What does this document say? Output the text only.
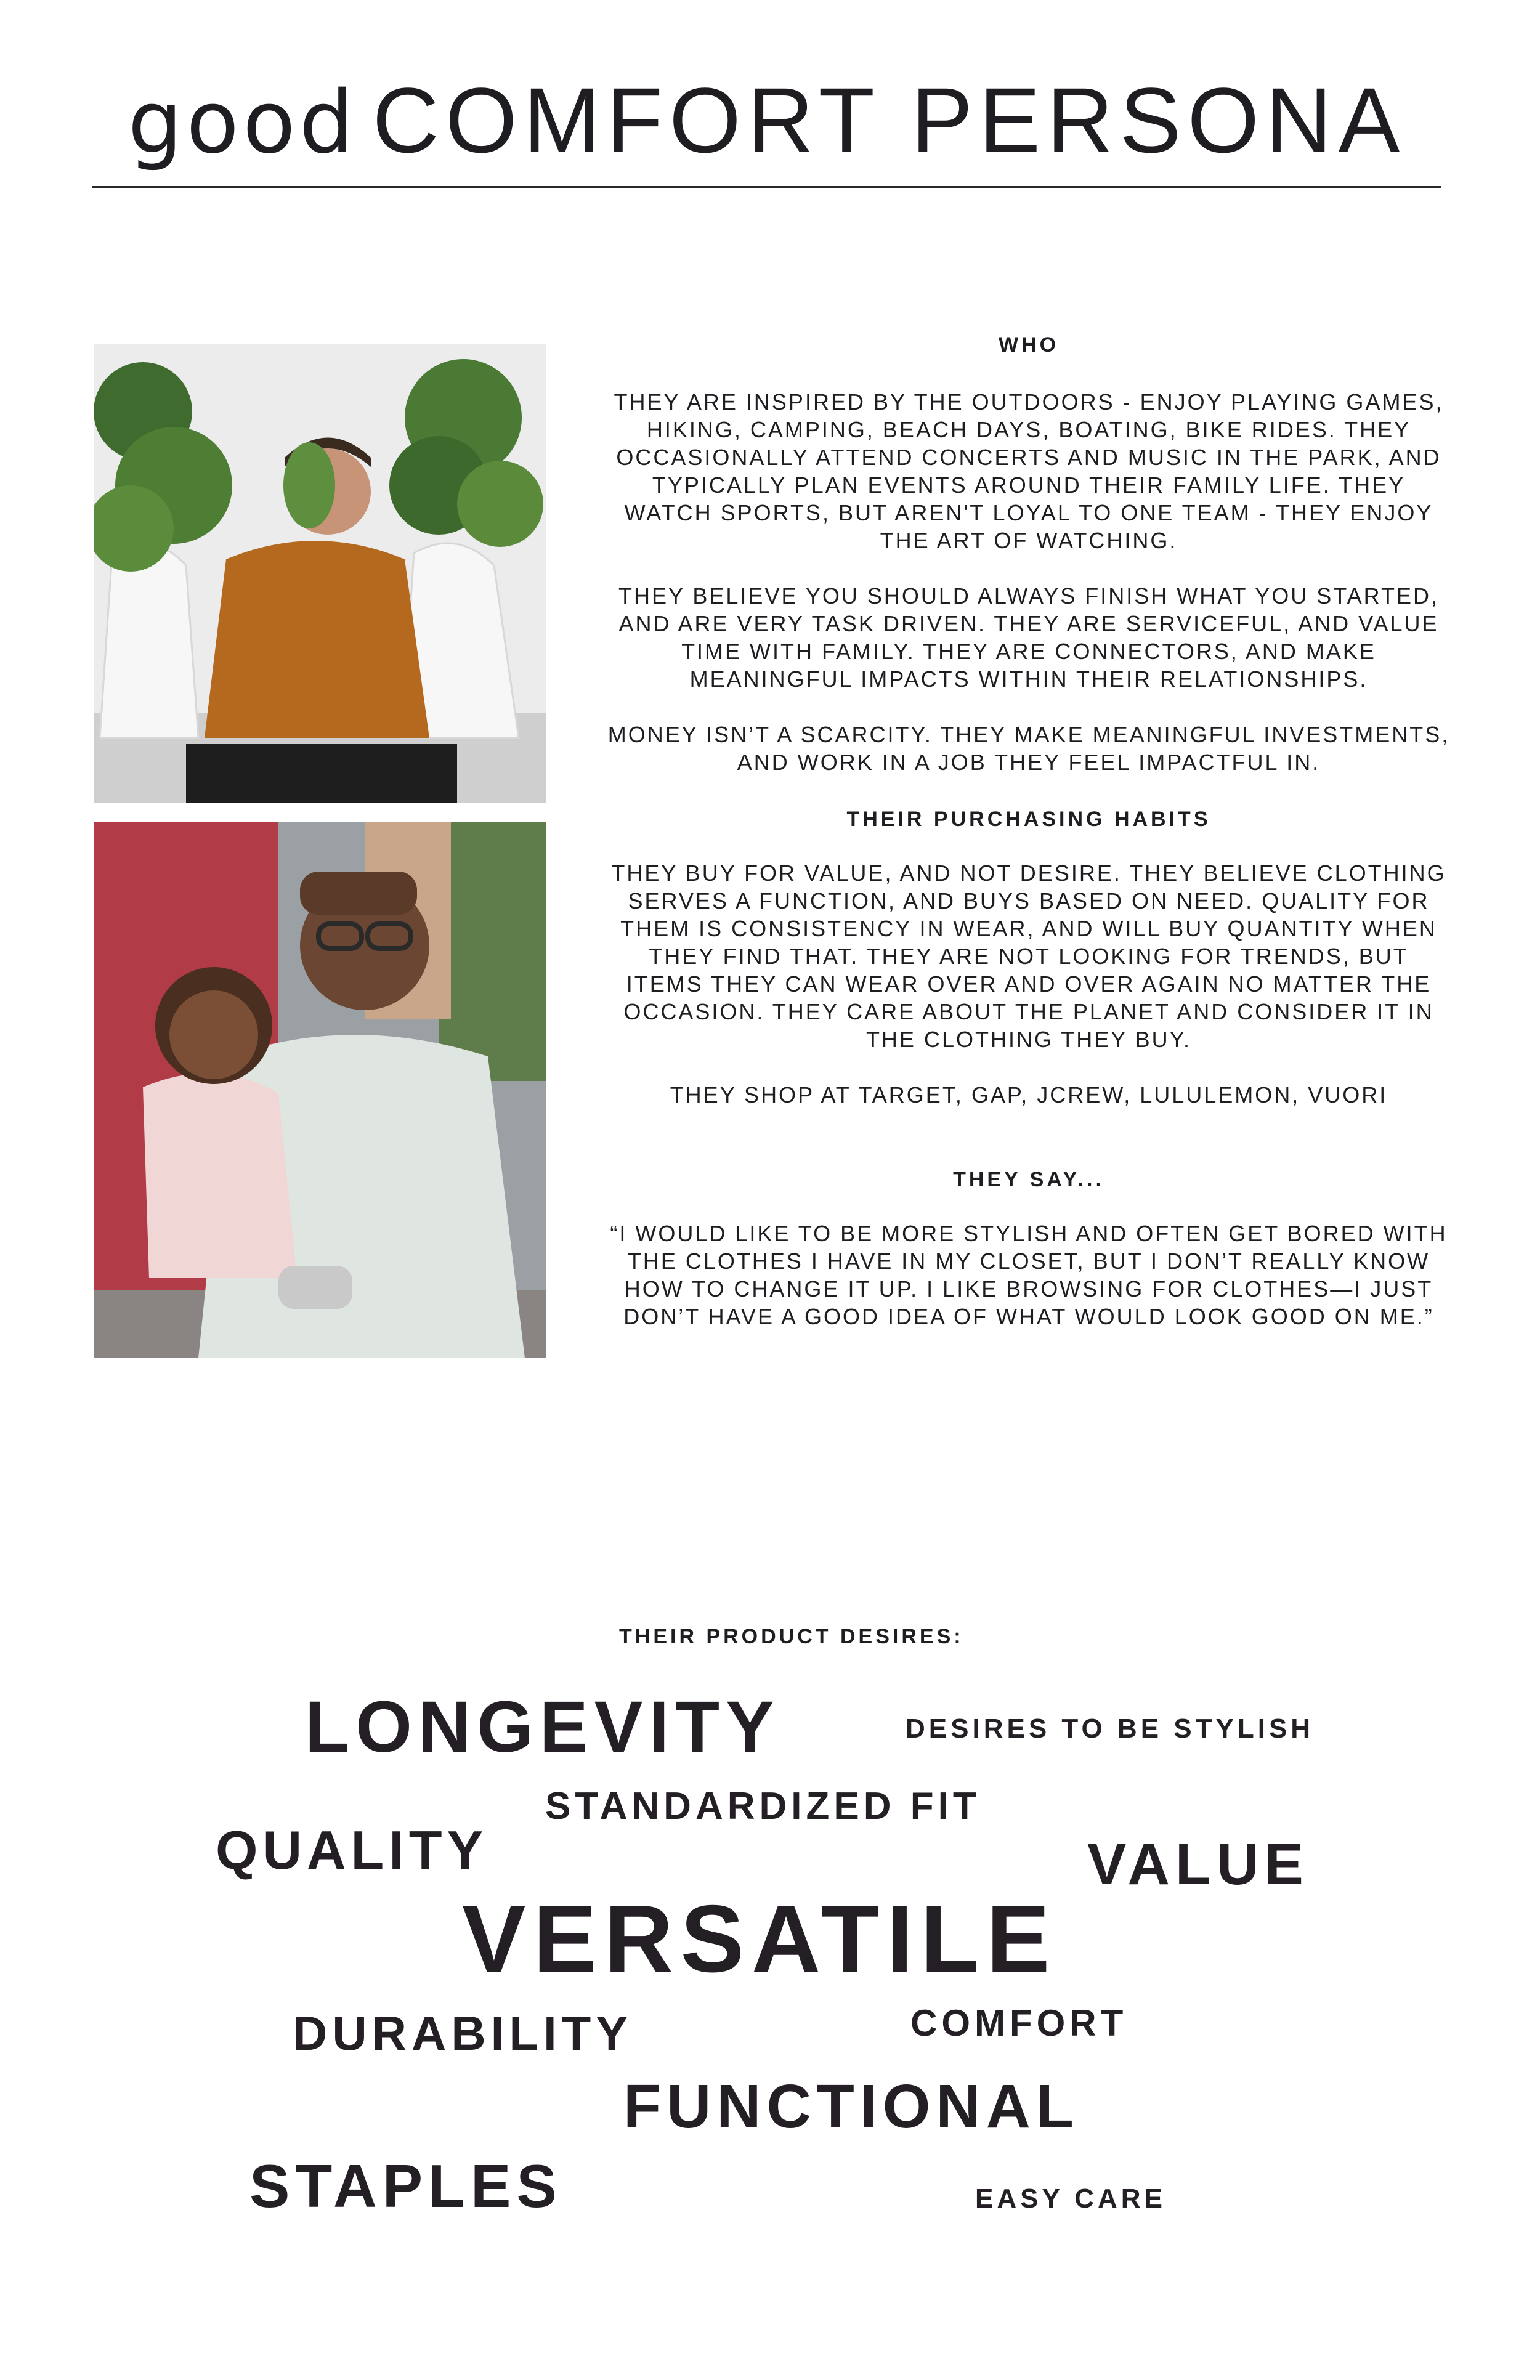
good COMFORT PERSONA
WHO

THEY ARE INSPIRED BY THE OUTDOORS - ENJOY PLAYING GAMES, HIKING, CAMPING, BEACH DAYS, BOATING, BIKE RIDES. THEY OCCASIONALLY ATTEND CONCERTS AND MUSIC IN THE PARK, AND TYPICALLY PLAN EVENTS AROUND THEIR FAMILY LIFE. THEY WATCH SPORTS, BUT AREN'T LOYAL TO ONE TEAM - THEY ENJOY THE ART OF WATCHING.

THEY BELIEVE YOU SHOULD ALWAYS FINISH WHAT YOU STARTED, AND ARE VERY TASK DRIVEN. THEY ARE SERVICEFUL, AND VALUE TIME WITH FAMILY. THEY ARE CONNECTORS, AND MAKE MEANINGFUL IMPACTS WITHIN THEIR RELATIONSHIPS.

MONEY ISN’T A SCARCITY. THEY MAKE MEANINGFUL INVESTMENTS, AND WORK IN A JOB THEY FEEL IMPACTFUL IN.

THEIR PURCHASING HABITS

THEY BUY FOR VALUE, AND NOT DESIRE. THEY BELIEVE CLOTHING SERVES A FUNCTION, AND BUYS BASED ON NEED. QUALITY FOR THEM IS CONSISTENCY IN WEAR, AND WILL BUY QUANTITY WHEN THEY FIND THAT. THEY ARE NOT LOOKING FOR TRENDS, BUT ITEMS THEY CAN WEAR OVER AND OVER AGAIN NO MATTER THE OCCASION. THEY CARE ABOUT THE PLANET AND CONSIDER IT IN THE CLOTHING THEY BUY.

THEY SHOP AT TARGET, GAP, JCREW, LULULEMON, VUORI

THEY SAY...

“I WOULD LIKE TO BE MORE STYLISH AND OFTEN GET BORED WITH THE CLOTHES I HAVE IN MY CLOSET, BUT I DON’T REALLY KNOW HOW TO CHANGE IT UP. I LIKE BROWSING FOR CLOTHES—I JUST DON’T HAVE A GOOD IDEA OF WHAT WOULD LOOK GOOD ON ME.”

THEIR PRODUCT DESIRES:
LONGEVITY	DESIRES TO BE STYLISH
STANDARDIZED FIT
QUALITY	VALUE
VERSATILE
DURABILITY	COMFORT
FUNCTIONAL
STAPLES	EASY CARE
